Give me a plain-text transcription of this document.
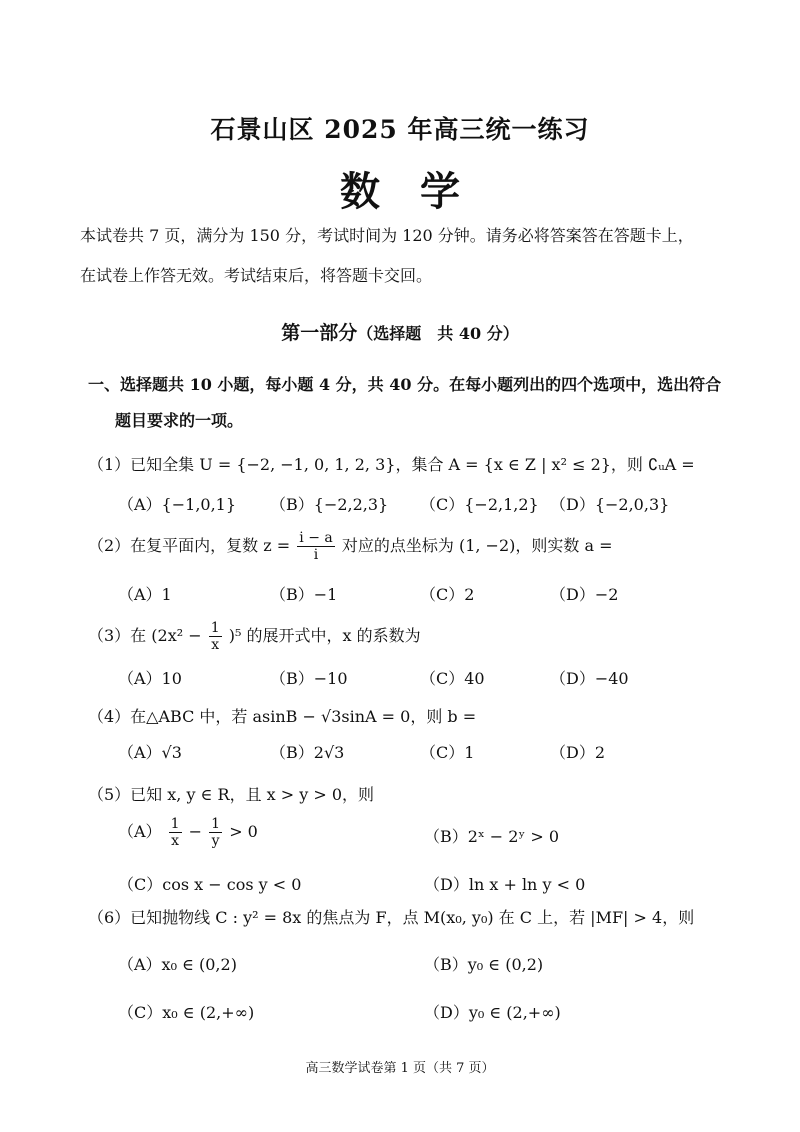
石景山区 2025 年高三统一练习
数学
本试卷共 7 页，满分为 150 分，考试时间为 120 分钟。请务必将答案答在答题卡上，
在试卷上作答无效。考试结束后，将答题卡交回。
第一部分（选择题　共 40 分）
一、选择题共 10 小题，每小题 4 分，共 40 分。在每小题列出的四个选项中，选出符合
题目要求的一项。
（1）已知全集 U = {−2, −1, 0, 1, 2, 3}，集合 A = {x ∈ Z | x² ≤ 2}，则 ∁ᵤA =
（A）{−1,0,1} （B）{−2,2,3} （C）{−2,1,2} （D）{−2,0,3}
（2）在复平面内，复数 $z = \frac{i - a}{i}$ 对应的点坐标为 (1, −2)，则实数 a =
（A）1	（B）−1	（C）2	（D）−2
（3）在 $(2x^2 - \frac{1}{x} )^5$ 的展开式中，x 的系数为
（A）10	（B）−10	（C）40	（D）−40
（4）在△ABC 中，若 asinB − √3sinA = 0，则 b =
（A）√3	（B）2√3	（C）1	（D）2
（5）已知 x, y ∈ R，且 x > y > 0，则
$(A) \frac{1}{x} - \frac{1}{y} > 0$	（B）2ˣ − 2ʸ > 0
（C）cos x − cos y < 0	（D）ln x + ln y < 0
（6）已知抛物线 C : y² = 8x 的焦点为 F，点 M(x₀, y₀) 在 C 上，若 |MF| > 4，则
（A）x₀ ∈ (0,2)	（B）y₀ ∈ (0,2)
（C）x₀ ∈ (2,+∞)	（D）y₀ ∈ (2,+∞)
高三数学试卷第 1 页（共 7 页）
